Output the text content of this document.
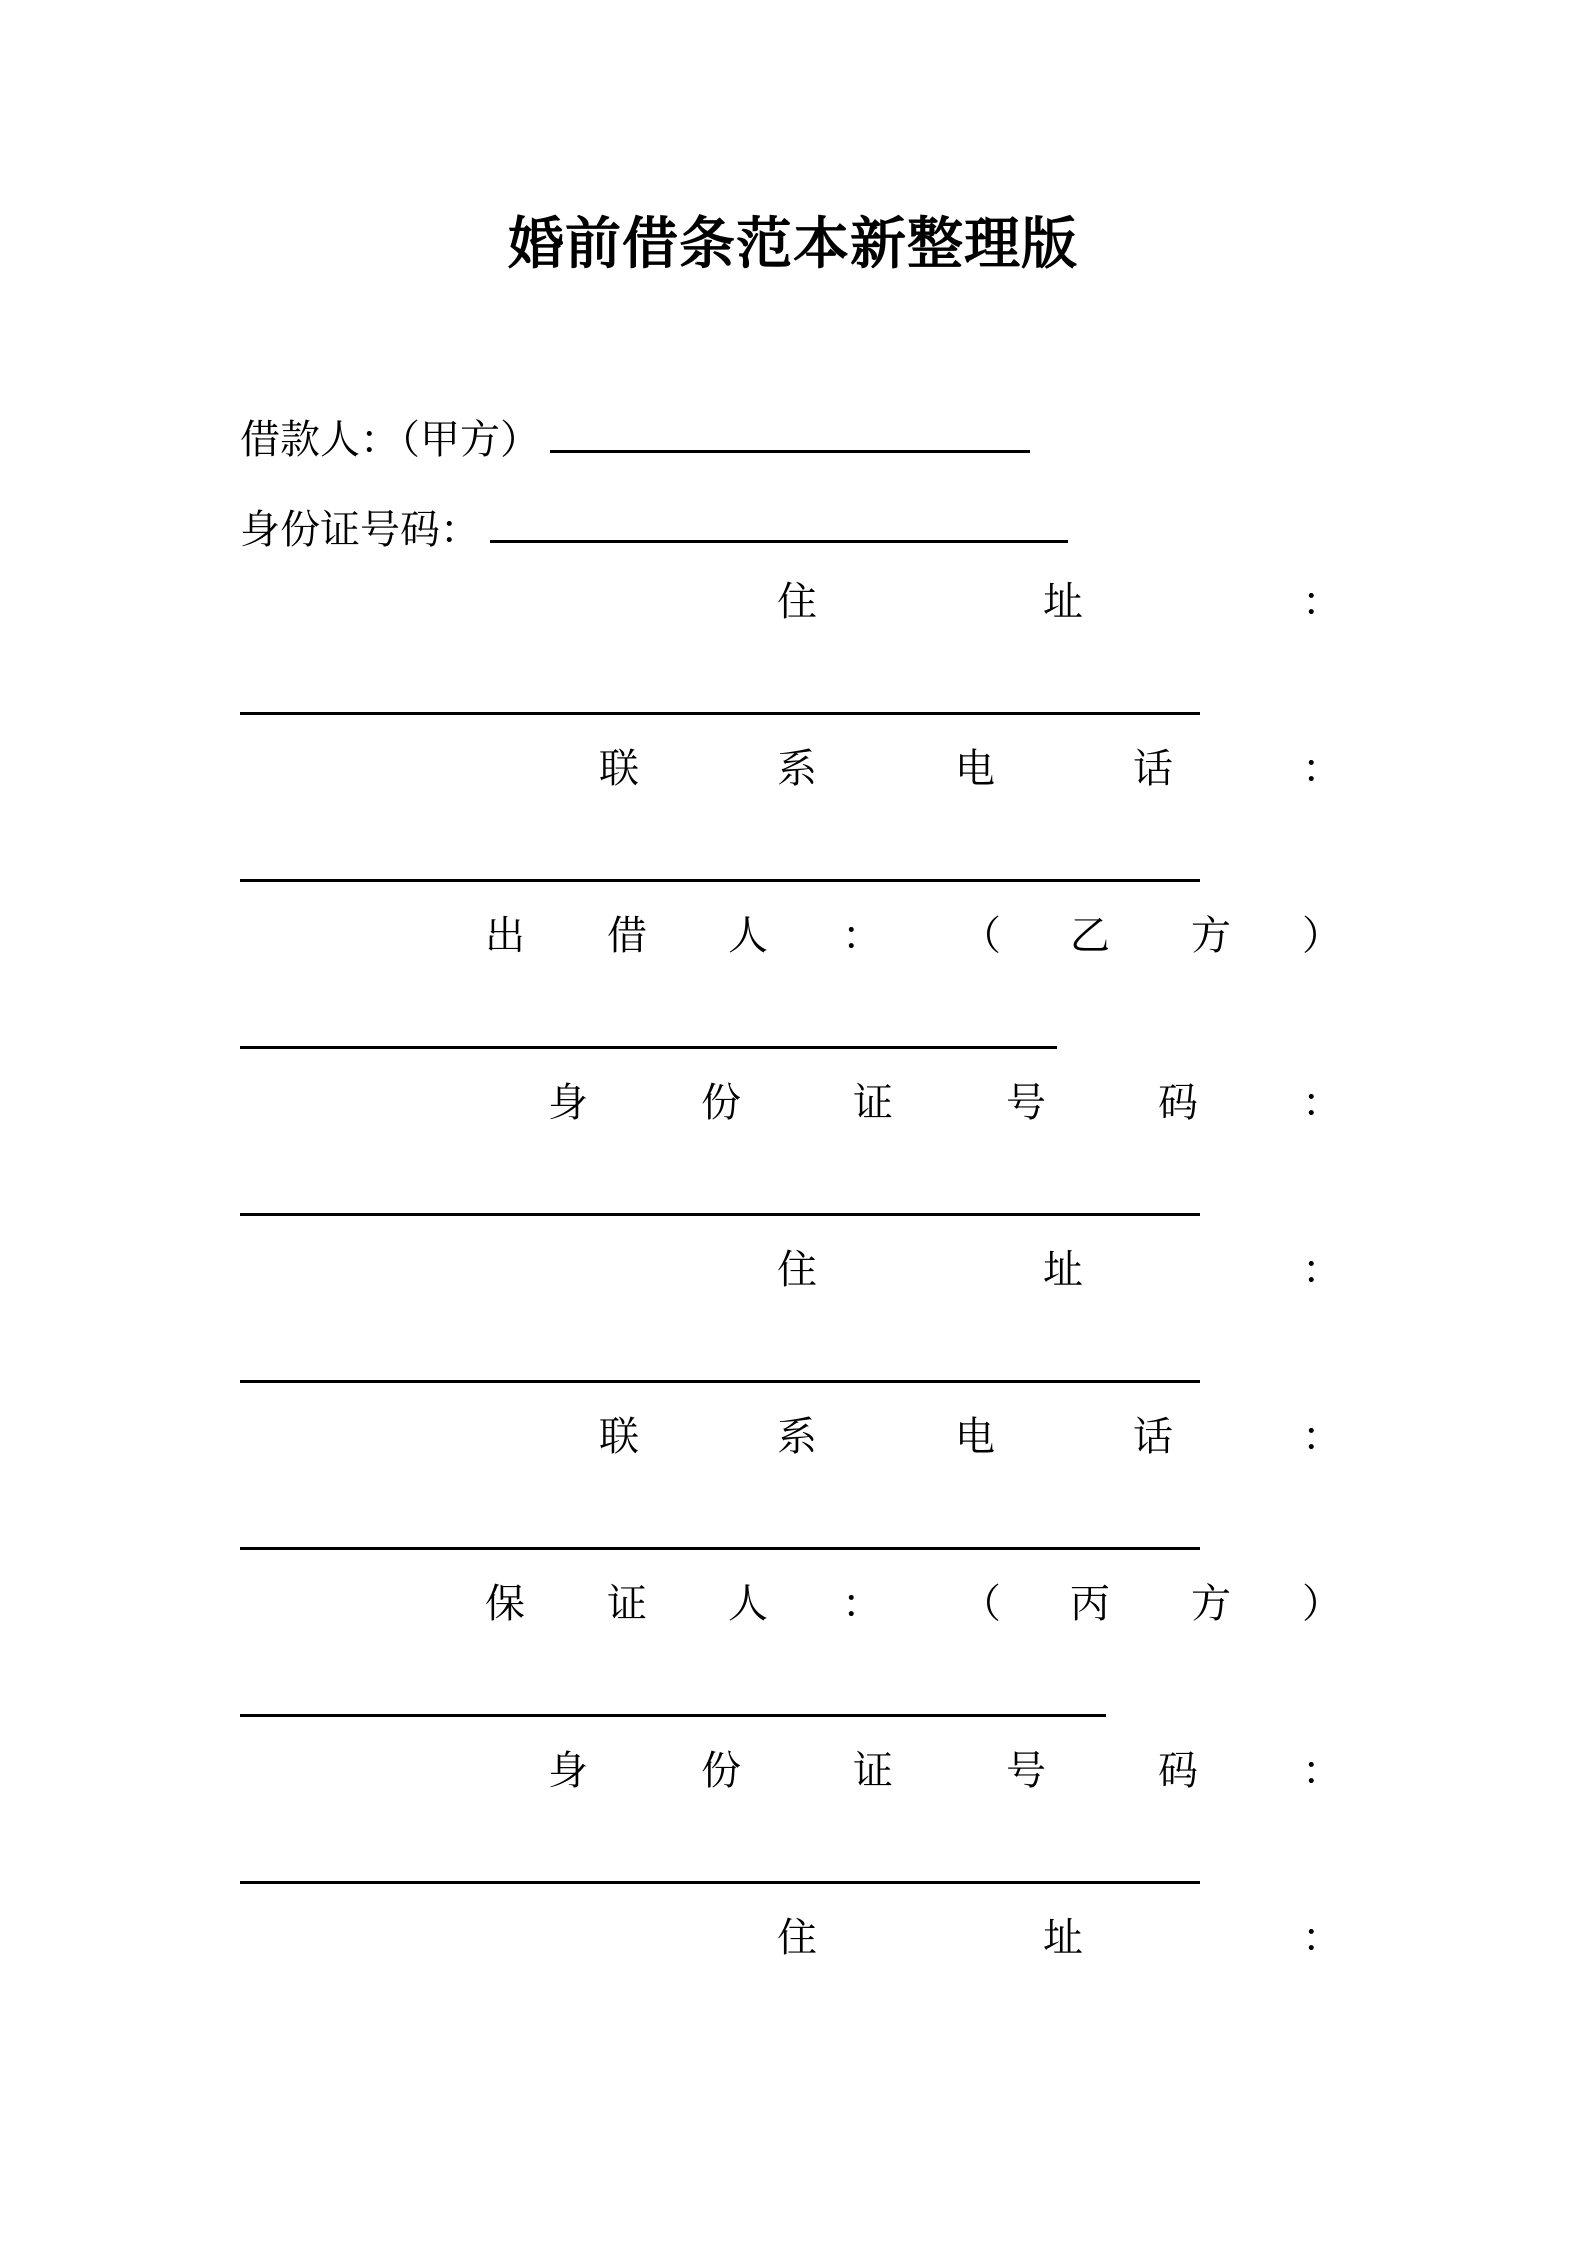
婚前借条范本新整理版
借款人：（甲方）
身份证号码：
住	址	：
联	系	电	话	：
出 借 人 ： （ 乙 方 ）
身	份	证	号	码	：
住	址	：
联	系	电	话	：
保 证 人 ： （ 丙 方 ）
身	份	证	号	码	：
住	址	：
